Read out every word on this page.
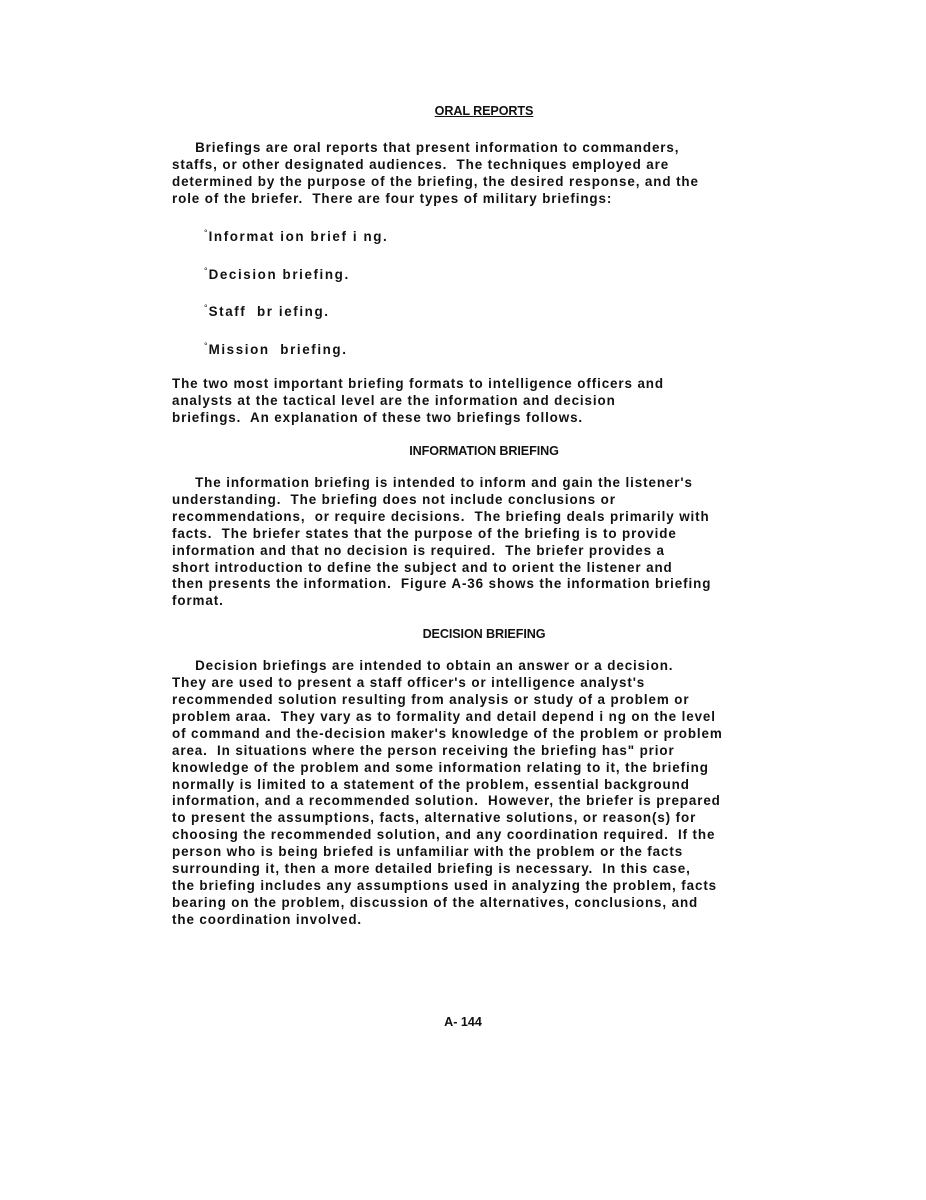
ORAL REPORTS
Briefings are oral reports that present information to commanders,
staffs, or other designated audiences.  The techniques employed are
determined by the purpose of the briefing, the desired response, and the
role of the briefer.  There are four types of military briefings:
°Informat ion brief i ng.
°Decision briefing.
°Staff  br iefing.
°Mission  briefing.
The two most important briefing formats to intelligence officers and
analysts at the tactical level are the information and decision
briefings.  An explanation of these two briefings follows.
INFORMATION BRIEFING
The information briefing is intended to inform and gain the listener's
understanding.  The briefing does not include conclusions or
recommendations,  or require decisions.  The briefing deals primarily with
facts.  The briefer states that the purpose of the briefing is to provide
information and that no decision is required.  The briefer provides a
short introduction to define the subject and to orient the listener and
then presents the information.  Figure A-36 shows the information briefing
format.
DECISION BRIEFING
Decision briefings are intended to obtain an answer or a decision.
They are used to present a staff officer's or intelligence analyst's
recommended solution resulting from analysis or study of a problem or
problem araa.  They vary as to formality and detail depend i ng on the level
of command and the-decision maker's knowledge of the problem or problem
area.  In situations where the person receiving the briefing has" prior
knowledge of the problem and some information relating to it, the briefing
normally is limited to a statement of the problem, essential background
information, and a recommended solution.  However, the briefer is prepared
to present the assumptions, facts, alternative solutions, or reason(s) for
choosing the recommended solution, and any coordination required.  If the
person who is being briefed is unfamiliar with the problem or the facts
surrounding it, then a more detailed briefing is necessary.  In this case,
the briefing includes any assumptions used in analyzing the problem, facts
bearing on the problem, discussion of the alternatives, conclusions, and
the coordination involved.
A- 144
